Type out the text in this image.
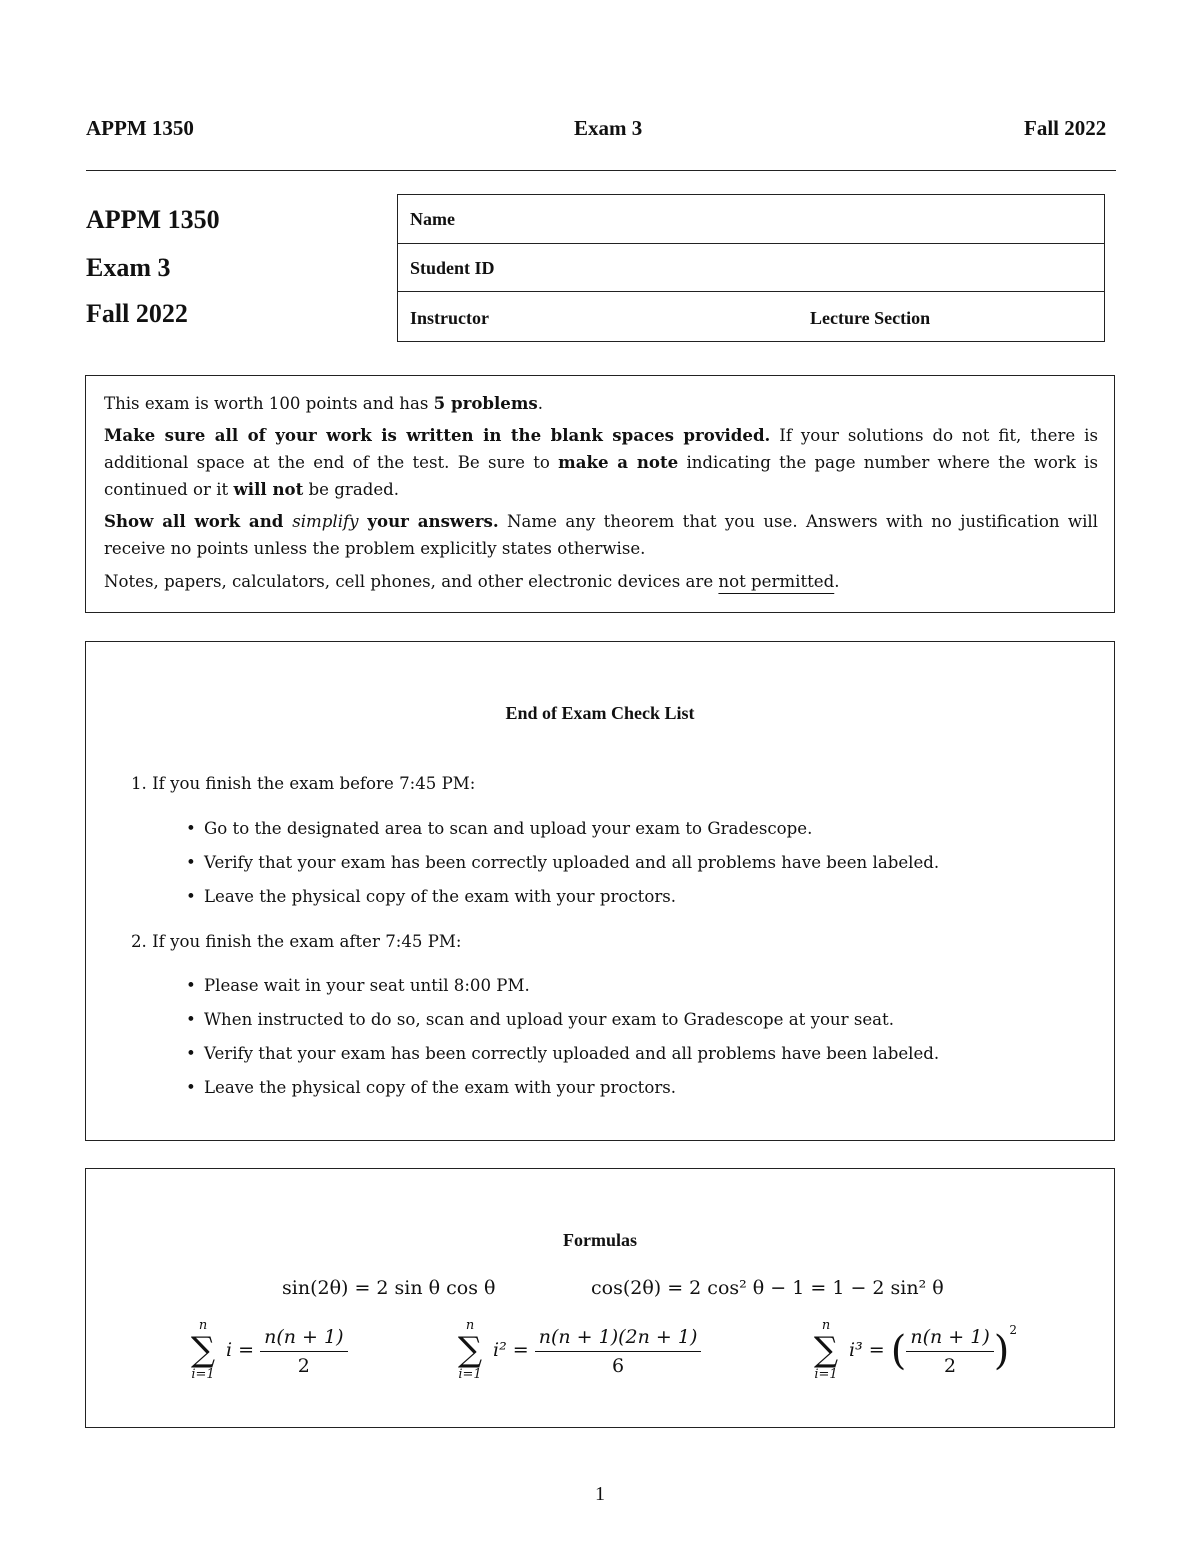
APPM 1350	Exam 3	Fall 2022
APPM 1350
Exam 3
Fall 2022
Name
Student ID
Instructor	Lecture Section

This exam is worth 100 points and has 5 problems.

Make sure all of your work is written in the blank spaces provided. If your solutions do not fit, there is additional space at the end of the test. Be sure to make a note indicating the page number where the work is continued or it will not be graded.

Show all work and simplify your answers. Name any theorem that you use. Answers with no justification will receive no points unless the problem explicitly states otherwise.

Notes, papers, calculators, cell phones, and other electronic devices are not permitted.

End of Exam Check List
1. If you finish the exam before 7:45 PM:
• Go to the designated area to scan and upload your exam to Gradescope.
• Verify that your exam has been correctly uploaded and all problems have been labeled.
• Leave the physical copy of the exam with your proctors.
2. If you finish the exam after 7:45 PM:
• Please wait in your seat until 8:00 PM.
• When instructed to do so, scan and upload your exam to Gradescope at your seat.
• Verify that your exam has been correctly uploaded and all problems have been labeled.
• Leave the physical copy of the exam with your proctors.
Formulas
sin(2θ) = 2 sin θ cos θ	cos(2θ) = 2 cos² θ − 1 = 1 − 2 sin² θ
n
∑
i=1
$i = \frac{n(n + 1)}{2}$	n
∑
i=1
$i^2 = \frac{n(n + 1)(2n + 1)}{6}$	n
∑
i=1
i³ = ( $\frac{n(n + 1)}{2} )^2$
1
